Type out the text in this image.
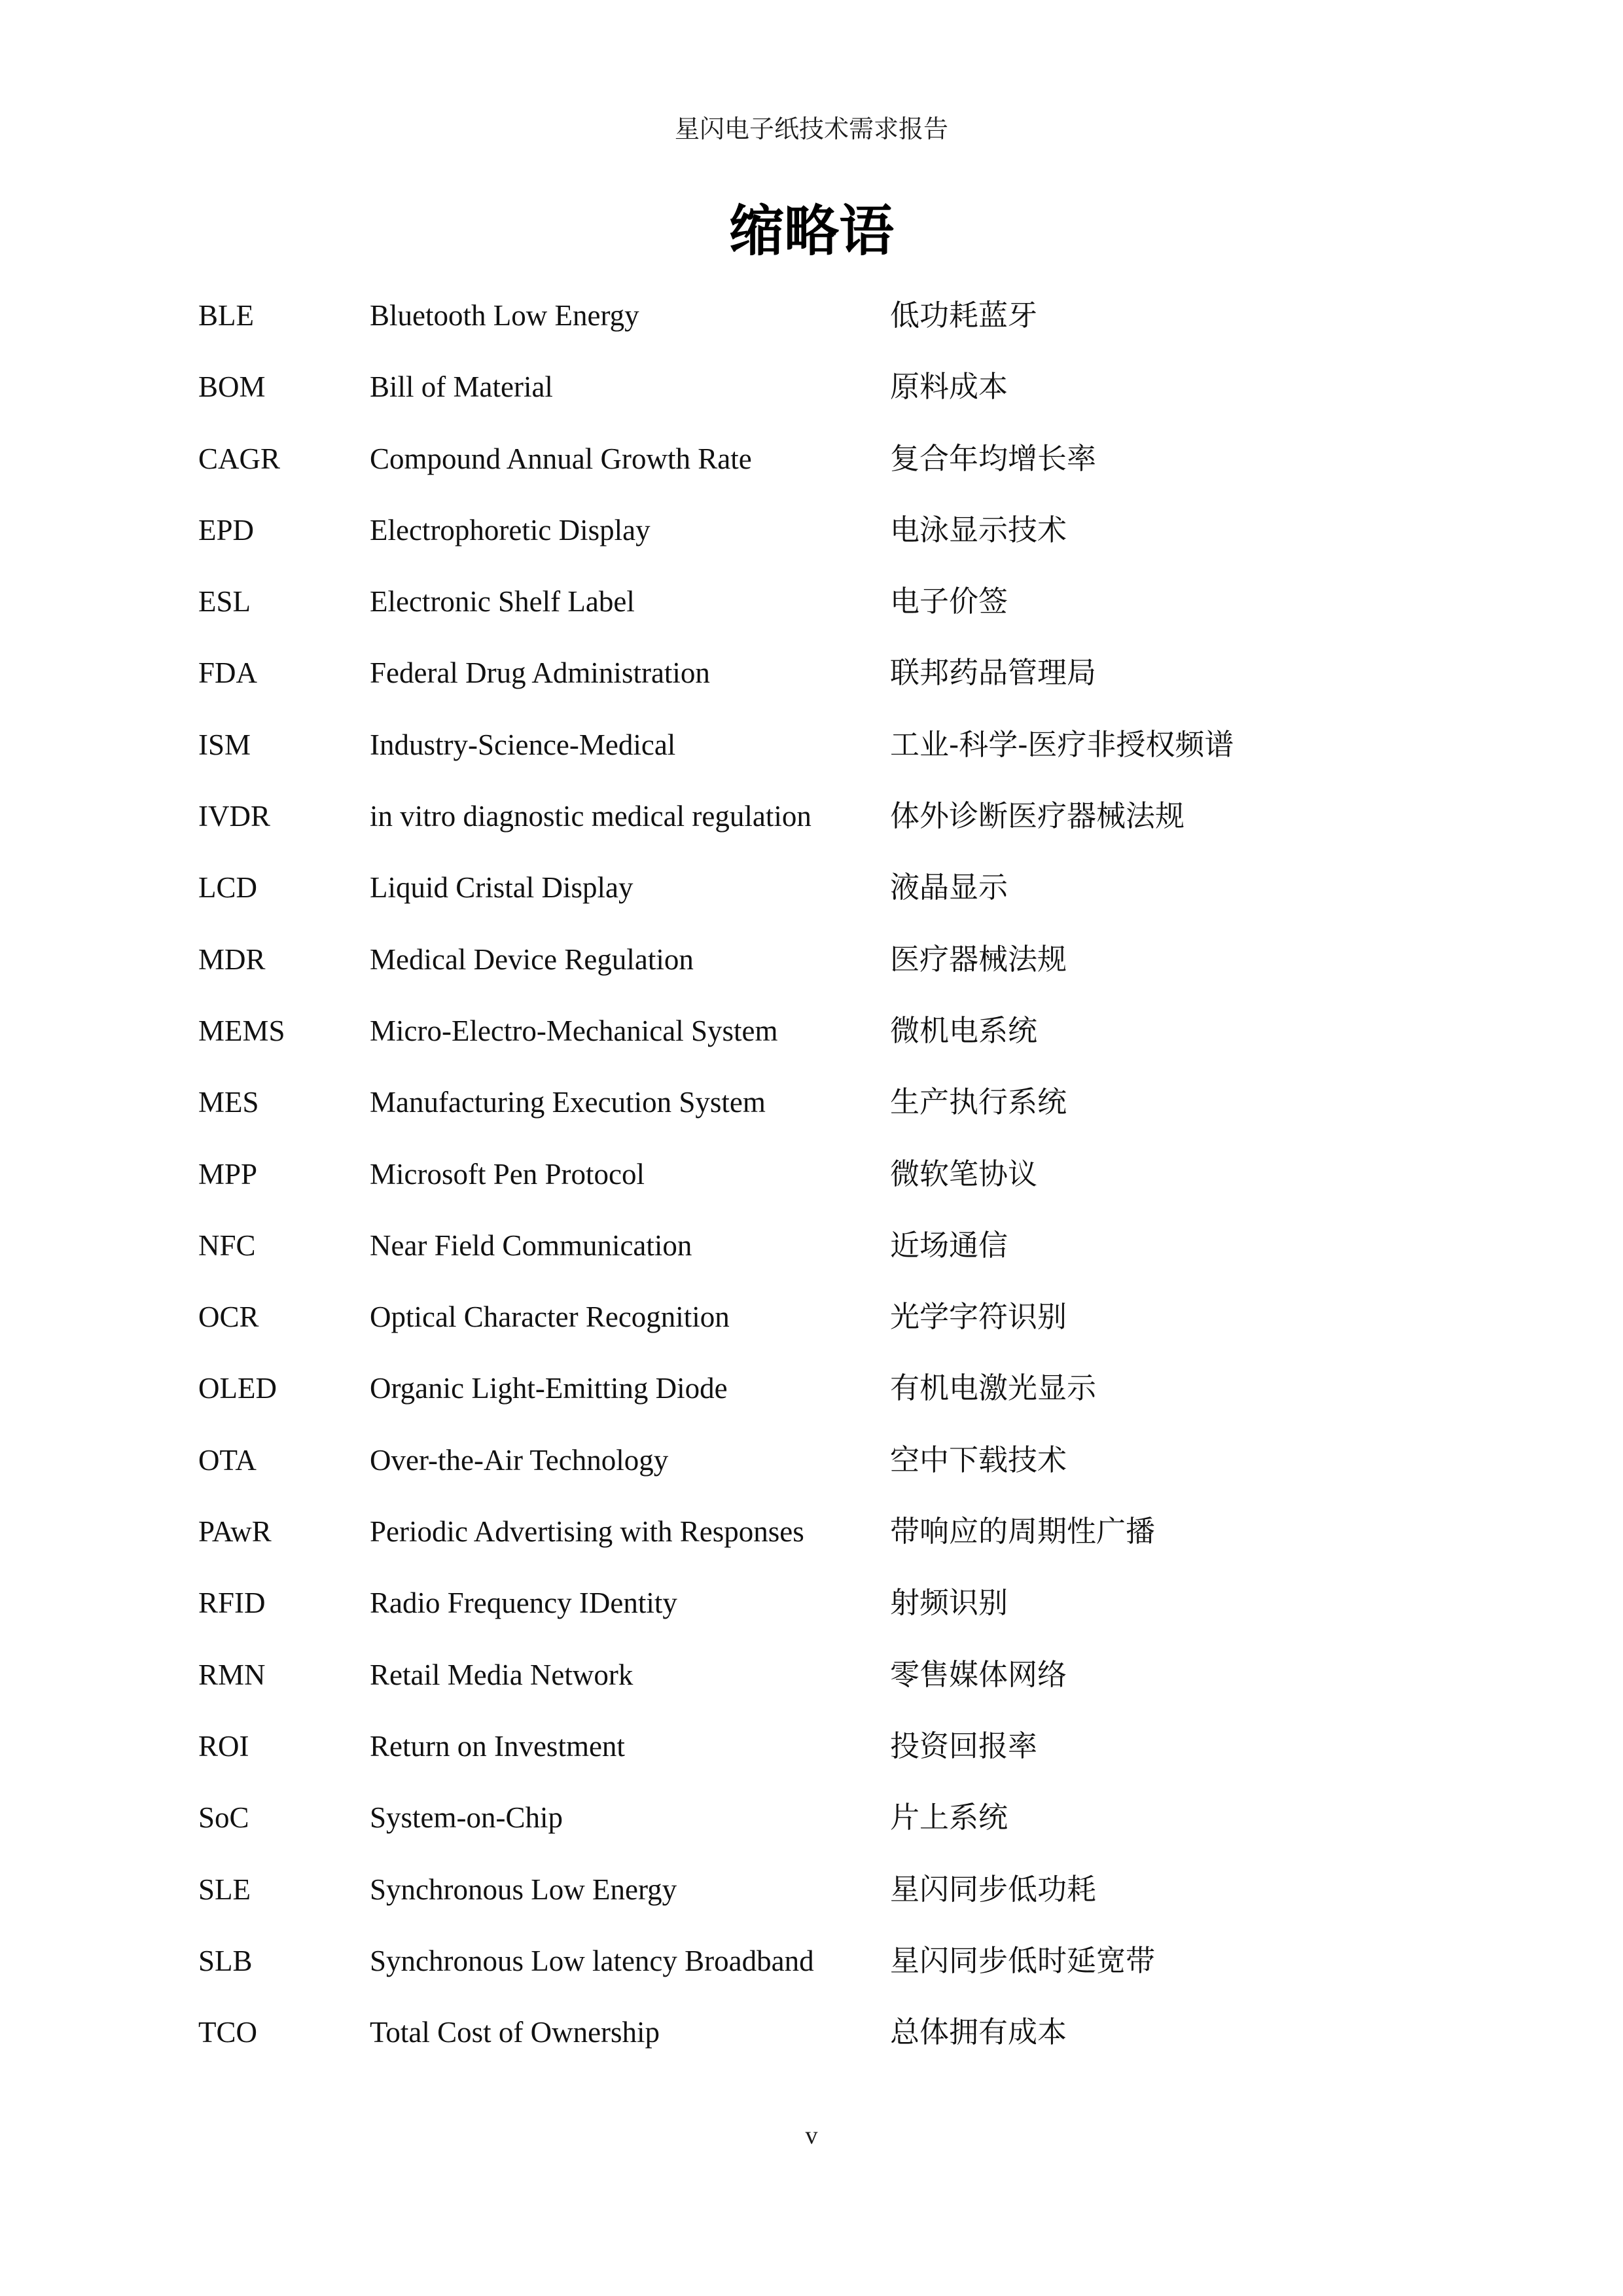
星闪电子纸技术需求报告
缩略语
BLE	Bluetooth Low Energy	低功耗蓝牙
BOM	Bill of Material	原料成本
CAGR	Compound Annual Growth Rate	复合年均增长率
EPD	Electrophoretic Display	电泳显示技术
ESL	Electronic Shelf Label	电子价签
FDA	Federal Drug Administration	联邦药品管理局
ISM	Industry-Science-Medical	工业-科学-医疗非授权频谱
IVDR	in vitro diagnostic medical regulation	体外诊断医疗器械法规
LCD	Liquid Cristal Display	液晶显示
MDR	Medical Device Regulation	医疗器械法规
MEMS	Micro-Electro-Mechanical System	微机电系统
MES	Manufacturing Execution System	生产执行系统
MPP	Microsoft Pen Protocol	微软笔协议
NFC	Near Field Communication	近场通信
OCR	Optical Character Recognition	光学字符识别
OLED	Organic Light-Emitting Diode	有机电激光显示
OTA	Over-the-Air Technology	空中下载技术
PAwR	Periodic Advertising with Responses	带响应的周期性广播
RFID	Radio Frequency IDentity	射频识别
RMN	Retail Media Network	零售媒体网络
ROI	Return on Investment	投资回报率
SoC	System-on-Chip	片上系统
SLE	Synchronous Low Energy	星闪同步低功耗
SLB	Synchronous Low latency Broadband	星闪同步低时延宽带
TCO	Total Cost of Ownership	总体拥有成本
v
